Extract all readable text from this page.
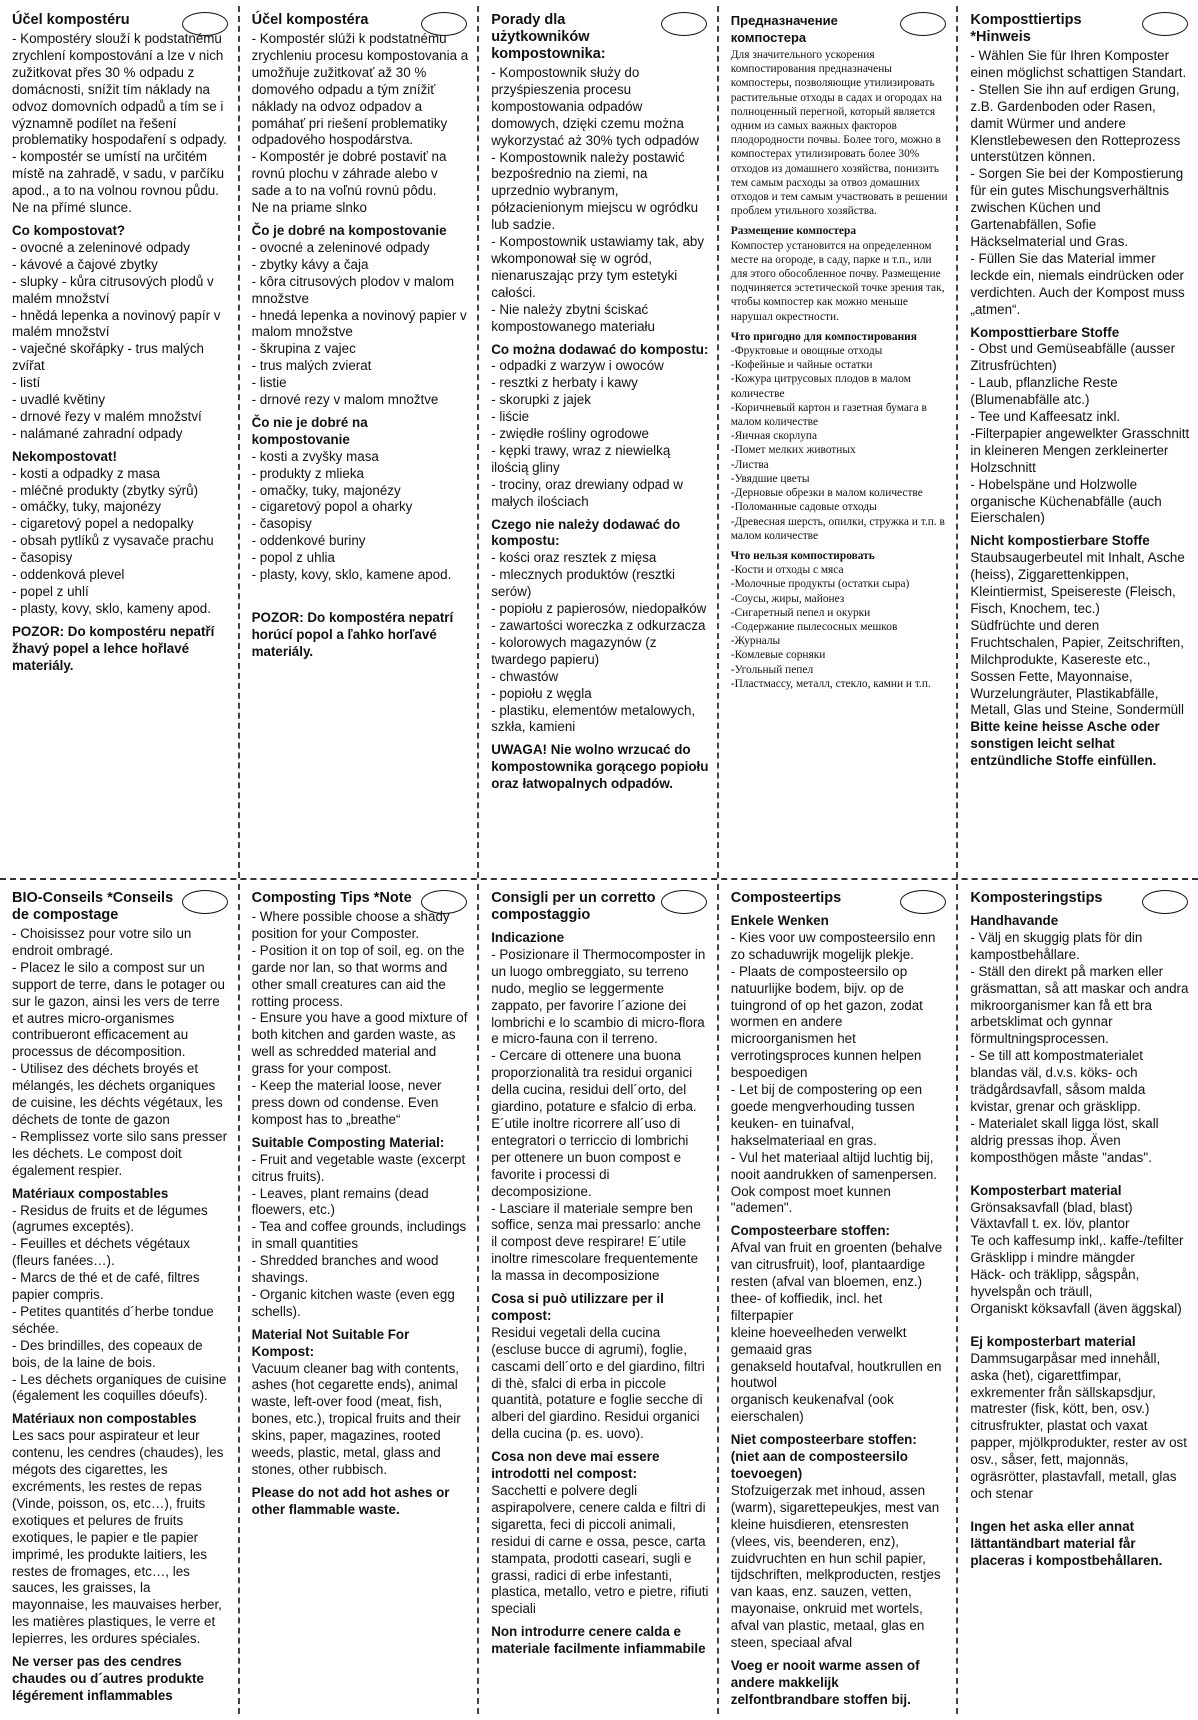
Účel kompostéru

- Kompostéry slouží k podstatnému zrychlení kompostování a lze v nich zužitkovat přes 30 % odpadu z domácnosti, snížit tím náklady na odvoz domovních odpadů a tím se i významně podílet na řešení problematiky hospodaření s odpady.

- kompostér se umístí na určitém místě na zahradě, v sadu, v parčíku apod., a to na volnou rovnou půdu. Ne na přímé slunce.

Co kompostovat?

- ovocné a zeleninové odpady

- kávové a čajové zbytky

- slupky - kůra citrusových plodů v malém množství

- hnědá lepenka a novinový papír v malém množství

- vaječné skořápky - trus malých zvířat

- listí

- uvadlé květiny

- drnové řezy v malém množství

- nalámané zahradní odpady

Nekompostovat!

- kosti a odpadky z masa

- mléčné produkty (zbytky sýrů)

- omáčky, tuky, majonézy

- cigaretový popel a nedopalky

- obsah pytlíků z vysavače prachu

- časopisy

- oddenková plevel

- popel z uhlí

- plasty, kovy, sklo, kameny apod.

POZOR: Do kompostéru nepatří žhavý popel a lehce hořlavé materiály.

Účel kompostéra

- Kompostér slúži k podstatnému zrychleniu procesu kompostovania a umožňuje zužitkovať až 30 % domového odpadu a tým znížiť náklady na odvoz odpadov a pomáhať pri riešení problematiky odpadového hospodárstva.

- Kompostér je dobré postaviť na rovnú plochu v záhrade alebo v sade a to na voľnú rovnú pôdu.

Ne na priame slnko

Čo je dobré na kompostovanie

- ovocné a zeleninové odpady

- zbytky kávy a čaja

- kôra citrusových plodov v malom množstve

- hnedá lepenka a novinový papier v malom množstve

- škrupina z vajec

- trus malých zvierat

- listie

- drnové rezy v malom množtve

Čo nie je dobré na kompostovanie

- kosti a zvyšky masa

- produkty z mlieka

- omačky, tuky, majonézy

- cigaretový popol a oharky

- časopisy

- oddenkové buriny

- popol z uhlia

- plasty, kovy, sklo, kamene apod.

POZOR: Do kompostéra nepatrí horúcí popol a ľahko horľavé materiály.

Porady dla użytkowników kompostownika:

- Kompostownik służy do przyśpieszenia procesu kompostowania odpadów domowych, dzięki czemu można wykorzystać aż 30% tych odpadów

- Kompostownik należy postawić bezpośrednio na ziemi, na uprzednio wybranym, półzacienionym miejscu w ogródku lub sadzie.

- Kompostownik ustawiamy tak, aby wkomponował się w ogród, nienaruszając przy tym estetyki całości.

- Nie należy zbytni ściskać kompostowanego materiału

Co można dodawać do kompostu:

- odpadki z warzyw i owoców

- resztki z herbaty i kawy

- skorupki z jajek

- liście

- zwiędłe rośliny ogrodowe

- kępki trawy, wraz z niewielką ilością gliny

- trociny, oraz drewiany odpad w małych ilościach

Czego nie należy dodawać do kompostu:

- kości oraz resztek z mięsa

- mlecznych produktów (resztki serów)

- popiołu z papierosów, niedopałków

- zawartości woreczka z odkurzacza

- kolorowych magazynów (z twardego papieru)

- chwastów

- popiołu z węgla

- plastiku, elementów metalowych, szkła, kamieni

UWAGA! Nie wolno wrzucać do kompostownika gorącego popiołu oraz łatwopalnych odpadów.

Предназначение компостера

Для значительного ускорения компостирования предназначены компостеры, позволяющие утилизировать растительные отходы в садах и огородах на полноценный перегной, который является одним из самых важных факторов плодородности почвы. Более того, можно в компостерах утилизировать более 30% отходов из домашнего хозяйства, понизить тем самым расходы за отвоз домашних отходов и тем самым участвовать в решении проблем утильного хозяйства.

Размещение компостера

Компостер установится на определенном месте на огороде, в саду, парке и т.п., или для этого обособленное почву. Размещение подчиняется эстетической точке зрения так, чтобы компостер как можно меньше нарушал окрестности.

Что пригодно для компостирования

-Фруктовые и овощные отходы

-Кофейные и чайные остатки

-Кожура цитрусовых плодов в малом количестве

-Коричневый картон и газетная бумага в малом количестве

-Яичная скорлупа

-Помет мелких животных

-Листва

-Увядшие цветы

-Дерновые обрезки в малом количестве

-Поломанные садовые отходы

-Древесная шерсть, опилки, стружка и т.п. в малом количестве

Что нельзя компостировать

-Кости и отходы с мяса

-Молочные продукты (остатки сыра)

-Соусы, жиры, майонез

-Сигаретный пепел и окурки

-Содержание пылесосных мешков

-Журналы

-Комлевые сорняки

-Угольный пепел

-Пластмассу, металл, стекло, камни и т.п.

Komposttiertips *Hinweis

- Wählen Sie für Ihren Komposter einen möglichst schattigen Standart.

- Stellen Sie ihn auf erdigen Grung, z.B. Gardenboden oder Rasen, damit Würmer und andere Klenstlebewesen den Rotteprozess unterstützen können.

- Sorgen Sie bei der Kompostierung für ein gutes Mischungsverhältnis zwischen Küchen und Gartenabfällen, Sofie Häckselmaterial und Gras.

- Füllen Sie das Material immer leckde ein, niemals eindrücken oder verdichten. Auch der Kompost muss „atmen“.

Komposttierbare Stoffe

- Obst und Gemüseabfälle (ausser Zitrusfrüchten)

- Laub, pflanzliche Reste (Blumenabfälle atc.)

- Tee und Kaffeesatz inkl.

-Filterpapier angewelkter Grasschnitt in kleineren Mengen zerkleinerter Holzschnitt

- Hobelspäne und Holzwolle organische Küchenabfälle (auch Eierschalen)

Nicht kompostierbare Stoffe

Staubsaugerbeutel mit Inhalt, Asche (heiss), Ziggarettenkippen, Kleintiermist, Speisereste (Fleisch, Fisch, Knochem, tec.)

Südfrüchte und deren Fruchtschalen, Papier, Zeitschriften, Milchprodukte, Kasereste etc., Sossen Fette, Mayonnaise, Wurzelungräuter, Plastikabfälle, Metall, Glas und Steine, Sondermüll

Bitte keine heisse Asche oder sonstigen leicht selhat entzündliche Stoffe einfüllen.

BIO-Conseils *Conseils de compostage

- Choisissez pour votre silo un endroit ombragé.

- Placez le silo a compost sur un support de terre, dans le potager ou sur le gazon, ainsi les vers de terre et autres micro-organismes contribueront efficacement au processus de décomposition.

- Utilisez des déchets broyés et mélangés, les déchets organiques de cuisine, les déchts végétaux, les déchets de tonte de gazon

- Remplissez vorte silo sans presser les déchets. Le compost doit également respier.

Matériaux compostables

- Residus de fruits et de légumes (agrumes exceptés).

- Feuilles et déchets végétaux (fleurs fanées…).

- Marcs de thé et de café, filtres papier compris.

- Petites quantités d´herbe tondue séchée.

- Des brindilles, des copeaux de bois, de la laine de bois.

- Les déchets organiques de cuisine (également les coquilles dóeufs).

Matériaux non compostables

Les sacs pour aspirateur et leur contenu, les cendres (chaudes), les mégots des cigarettes, les excréments, les restes de repas (Vinde, poisson, os, etc…), fruits exotiques et pelures de fruits exotiques, le papier e tle papier imprimé, les produkte laitiers, les restes de fromages, etc…, les sauces, les graisses, la mayonnaise, les mauvaises herber, les matières plastiques, le verre et lepierres, les ordures spéciales.

Ne verser pas des cendres chaudes ou d´autres produkte légérement inflammables

Composting Tips *Note

- Where possible choose a shady position for your Composter.

- Position it on top of soil, eg. on the garde nor lan, so that worms and other small creatures can aid the rotting process.

- Ensure you have a good mixture of both kitchen and garden waste, as well as schredded material and grass for your compost.

- Keep the material loose, never press down od condense. Even kompost has to „breathe“

Suitable Composting Material:

- Fruit and vegetable waste (excerpt citrus fruits).

- Leaves, plant remains (dead floewers, etc.)

- Tea and coffee grounds, includings in small quantities

- Shredded branches and wood shavings.

- Organic kitchen waste (even egg schells).

Material Not Suitable For Kompost:

Vacuum cleaner bag with contents, ashes (hot cegarette ends), animal waste, left-over food (meat, fish, bones, etc.), tropical fruits and their skins, paper, magazines, rooted weeds, plastic, metal, glass and stones, other rubbisch.

Please do not add hot ashes or other flammable waste.

Consigli per un corretto compostaggio

Indicazione

- Posizionare il Thermocomposter in un luogo ombreggiato, su terreno nudo, meglio se leggermente zappato, per favorire l´azione dei lombrichi e lo scambio di micro-flora e micro-fauna con il terreno.

- Cercare di ottenere una buona proporzionalità tra residui organici della cucina, residui dell´orto, del giardino, potature e sfalcio di erba. E´utile inoltre ricorrere all´uso di entegratori o terriccio di lombrichi per ottenere un buon compost e favorite i processi di decomposizione.

- Lasciare il materiale sempre ben soffice, senza mai pressarlo: anche il compost deve respirare! E´utile inoltre rimescolare frequentemente la massa in decomposizione

Cosa si può utilizzare per il compost:

Residui vegetali della cucina (escluse bucce di agrumi), foglie, cascami dell´orto e del giardino, filtri di thè, sfalci di erba in piccole quantità, potature e foglie secche di alberi del giardino. Residui organici della cucina (p. es. uovo).

Cosa non deve mai essere introdotti nel compost:

Sacchetti e polvere degli aspirapolvere, cenere calda e filtri di sigaretta, feci di piccoli animali, residui di carne e ossa, pesce, carta stampata, prodotti caseari, sugli e grassi, radici di erbe infestanti, plastica, metallo, vetro e pietre, rifiuti speciali

Non introdurre cenere calda e materiale facilmente infiammabile

Composteertips

Enkele Wenken

- Kies voor uw composteersilo enn zo schaduwrijk mogelijk plekje.

- Plaats de composteersilo op natuurlijke bodem, bijv. op de tuingrond of op het gazon, zodat wormen en andere microorganismen het verrotingsproces kunnen helpen bespoedigen

- Let bij de compostering op een goede mengverhouding tussen keuken- en tuinafval, hakselmateriaal en gras.

- Vul het materiaal altijd luchtig bij, nooit aandrukken of samenpersen. Ook compost moet kunnen "ademen".

Composteerbare stoffen:

Afval van fruit en groenten (behalve van citrusfruit), loof, plantaardige resten (afval van bloemen, enz.)

thee- of koffiedik, incl. het filterpapier

kleine hoeveelheden verwelkt gemaaid gras

genakseld houtafval, houtkrullen en houtwol

organisch keukenafval (ook eierschalen)

Niet composteerbare stoffen: (niet aan de composteersilo toevoegen)

Stofzuigerzak met inhoud, assen (warm), sigarettepeukjes, mest van kleine huisdieren, etensresten (vlees, vis, beenderen, enz), zuidvruchten en hun schil papier, tijdschriften, melkproducten, restjes van kaas, enz. sauzen, vetten, mayonaise, onkruid met wortels, afval van plastic, metaal, glas en steen, speciaal afval

Voeg er nooit warme assen of andere makkelijk zelfontbrandbare stoffen bij.

Komposteringstips

Handhavande

- Välj en skuggig plats för din kampostbehållare.

- Ställ den direkt på marken eller gräsmattan, så att maskar och andra mikroorganismer kan få ett bra arbetsklimat och gynnar förmultningsprocessen.

- Se till att kompostmaterialet blandas väl, d.v.s. köks- och trädgårdsavfall, såsom malda kvistar, grenar och gräsklipp.

- Materialet skall ligga löst, skall aldrig pressas ihop. Även komposthögen måste "andas".

Komposterbart material

Grönsaksavfall (blad, blast)

Växtavfall t. ex. löv, plantor

Te och kaffesump inkl,. kaffe-/tefilter

Gräsklipp i mindre mängder

Häck- och träklipp, sågspån, hyvelspån och träull,

Organiskt köksavfall (även äggskal)

Ej komposterbart material

Dammsugarpåsar med innehåll, aska (het), cigarettfimpar, exkrementer från sällskapsdjur, matrester (fisk, kött, ben, osv.) citrusfrukter, plastat och vaxat papper, mjölkprodukter, rester av ost osv., såser, fett, majonnäs, ogräsrötter, plastavfall, metall, glas och stenar

Ingen het aska eller annat lättantändbart material får placeras i kompostbehållaren.
